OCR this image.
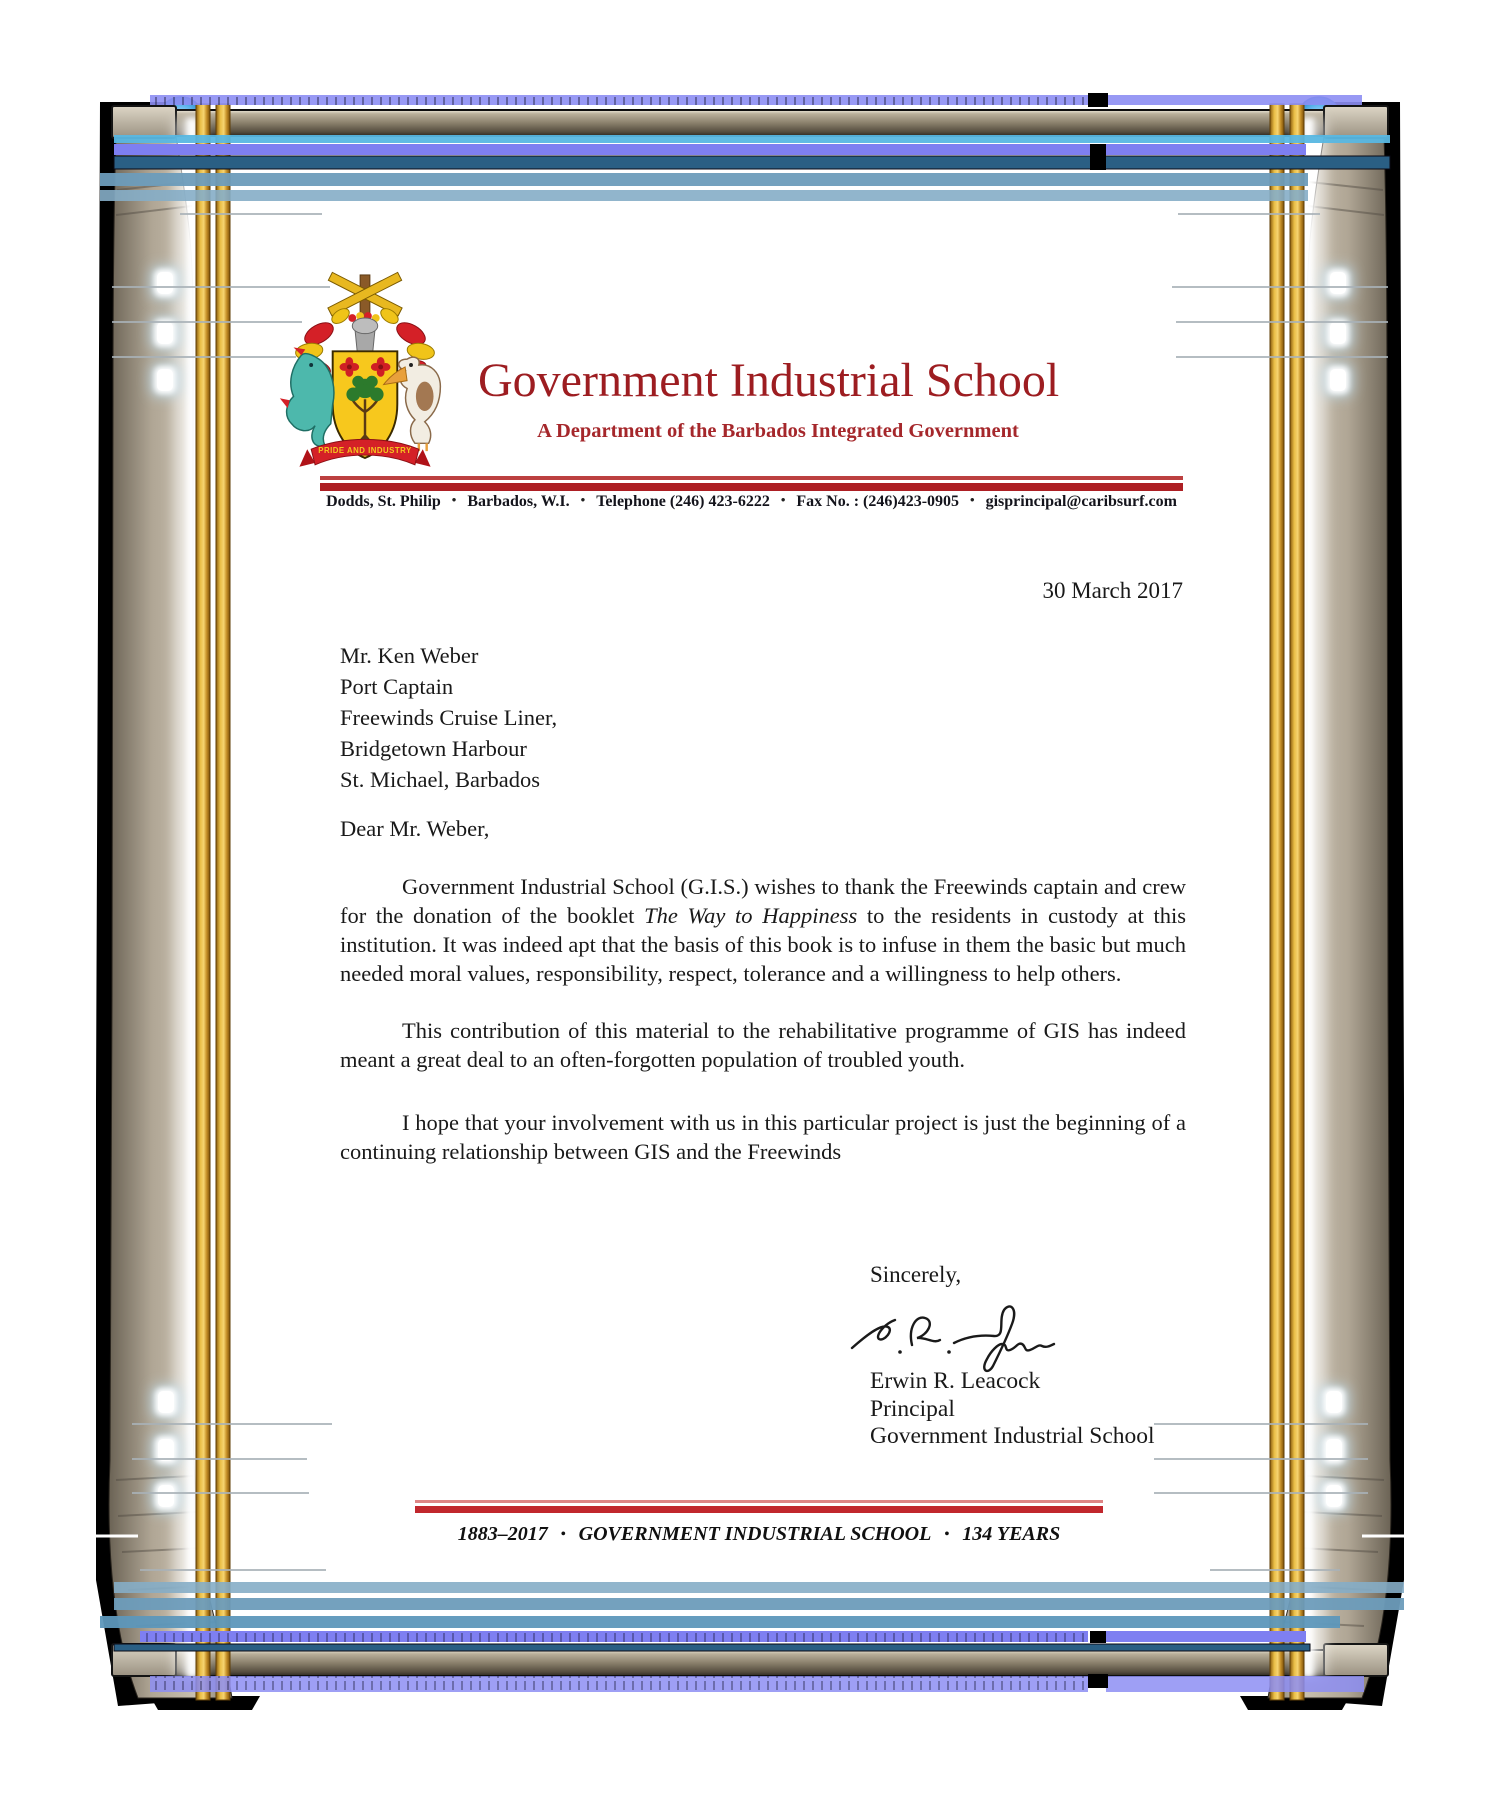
PRIDE AND INDUSTRY
Government Industrial School
A Department of the Barbados Integrated Government
Dodds, St. Philip • Barbados, W.I. • Telephone (246) 423-6222 • Fax No. : (246)423-0905 • gisprincipal@caribsurf.com
30 March 2017
Mr. Ken Weber
Port Captain
Freewinds Cruise Liner,
Bridgetown Harbour
St. Michael, Barbados
Dear Mr. Weber,

Government Industrial School (G.I.S.) wishes to thank the Freewinds captain and crew for the donation of the booklet The Way to Happiness to the residents in custody at this institution. It was indeed apt that the basis of this book is to infuse in them the basic but much needed moral values, responsibility, respect, tolerance and a willingness to help others.

This contribution of this material to the rehabilitative programme of GIS has indeed meant a great deal to an often-forgotten population of troubled youth.

I hope that your involvement with us in this particular project is just the beginning of a continuing relationship between GIS and the Freewinds

Sincerely,
Erwin R. Leacock
Principal
Government Industrial School
1883–2017 • GOVERNMENT INDUSTRIAL SCHOOL • 134 YEARS
